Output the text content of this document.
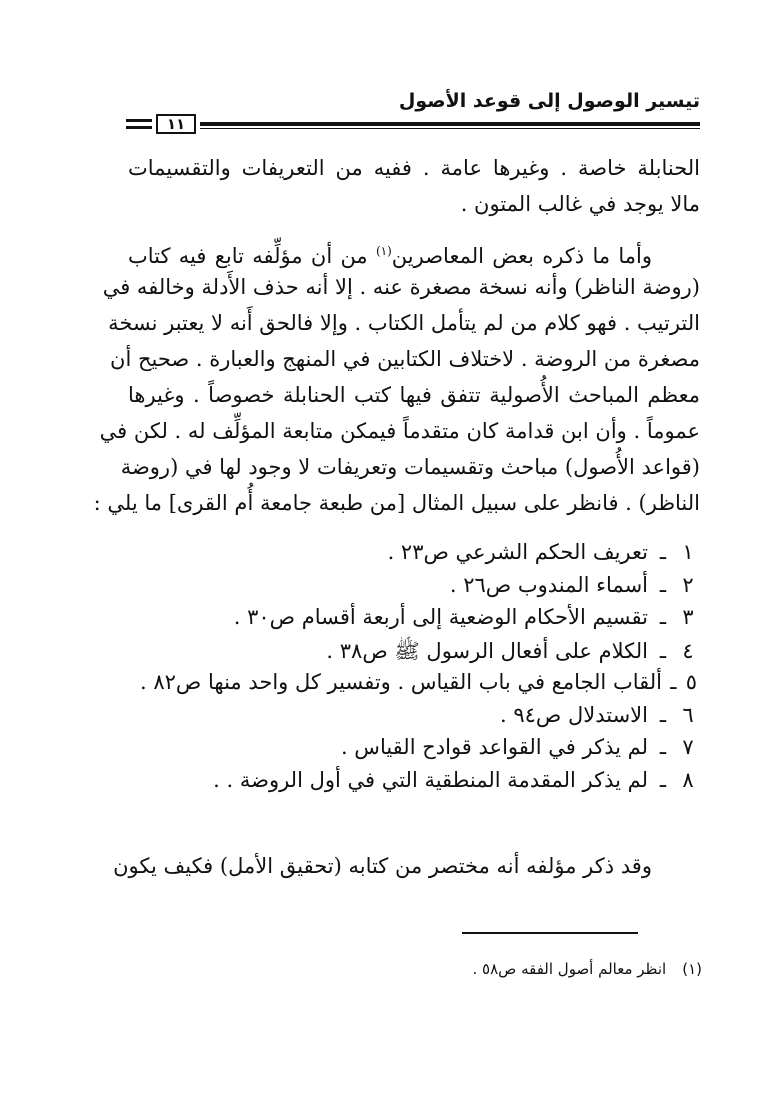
تيسير الوصول إلى قوعد الأصول
١١
الحنابلة خاصة . وغيرها عامة . ففيه من التعريفات والتقسيمات
مالا يوجد في غالب المتون .
وأما ما ذكره بعض المعاصرين$^{(١)}$ من أن مؤلِّفه تابع فيه كتاب
(روضة الناظر) وأنه نسخة مصغرة عنه . إلا أنه حذف الأَدلة وخالفه في
الترتيب . فهو كلام من لم يتأمل الكتاب . وإلا فالحق أَنه لا يعتبر نسخة
مصغرة من الروضة . لاختلاف الكتابين في المنهج والعبارة . صحيح أن
معظم المباحث الأُصولية تتفق فيها كتب الحنابلة خصوصاً . وغيرها
عموماً . وأن ابن قدامة كان متقدماً فيمكن متابعة المؤلِّف له . لكن في
(قواعد الأُصول) مباحث وتقسيمات وتعريفات لا وجود لها في (روضة
الناظر) . فانظر على سبيل المثال [من طبعة جامعة أُم القرى] ما يلي :
١
ـ
تعريف الحكم الشرعي ص٢٣ .
٢
ـ
أسماء المندوب ص٢٦ .
٣
ـ
تقسيم الأحكام الوضعية إلى أربعة أقسام ص٣٠ .
٤
ـ
الكلام على أفعال الرسول ﷺ ص٣٨ .
٥
ـ
ألقاب الجامع في باب القياس . وتفسير كل واحد منها ص٨٢ .
٦
ـ
الاستدلال ص٩٤ .
٧
ـ
لم يذكر في القواعد قوادح القياس .
٨
ـ
لم يذكر المقدمة المنطقية التي في أول الروضة . .
وقد ذكر مؤلفه أنه مختصر من كتابه (تحقيق الأمل) فكيف يكون
(١)انظر معالم أصول الفقه ص٥٨ .
